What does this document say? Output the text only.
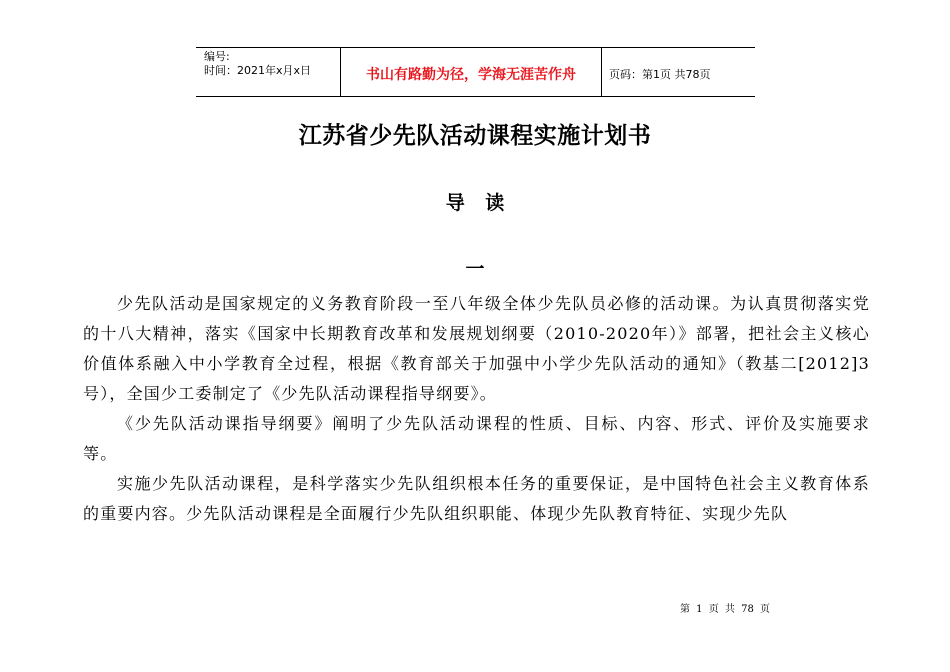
编号:
时间：2021年x月x日	书山有路勤为径，学海无涯苦作舟	页码：第1页 共78页
江苏省少先队活动课程实施计划书
导 读
一

少先队活动是国家规定的义务教育阶段一至八年级全体少先队员必修的活动课。为认真贯彻落实党的十八大精神，落实《国家中长期教育改革和发展规划纲要（2010-2020年）》部署，把社会主义核心价值体系融入中小学教育全过程，根据《教育部关于加强中小学少先队活动的通知》（教基二[2012]3号），全国少工委制定了《少先队活动课程指导纲要》。

《少先队活动课指导纲要》阐明了少先队活动课程的性质、目标、内容、形式、评价及实施要求等。

实施少先队活动课程，是科学落实少先队组织根本任务的重要保证，是中国特色社会主义教育体系的重要内容。少先队活动课程是全面履行少先队组织职能、体现少先队教育特征、实现少先队

第 1 页 共 78 页
